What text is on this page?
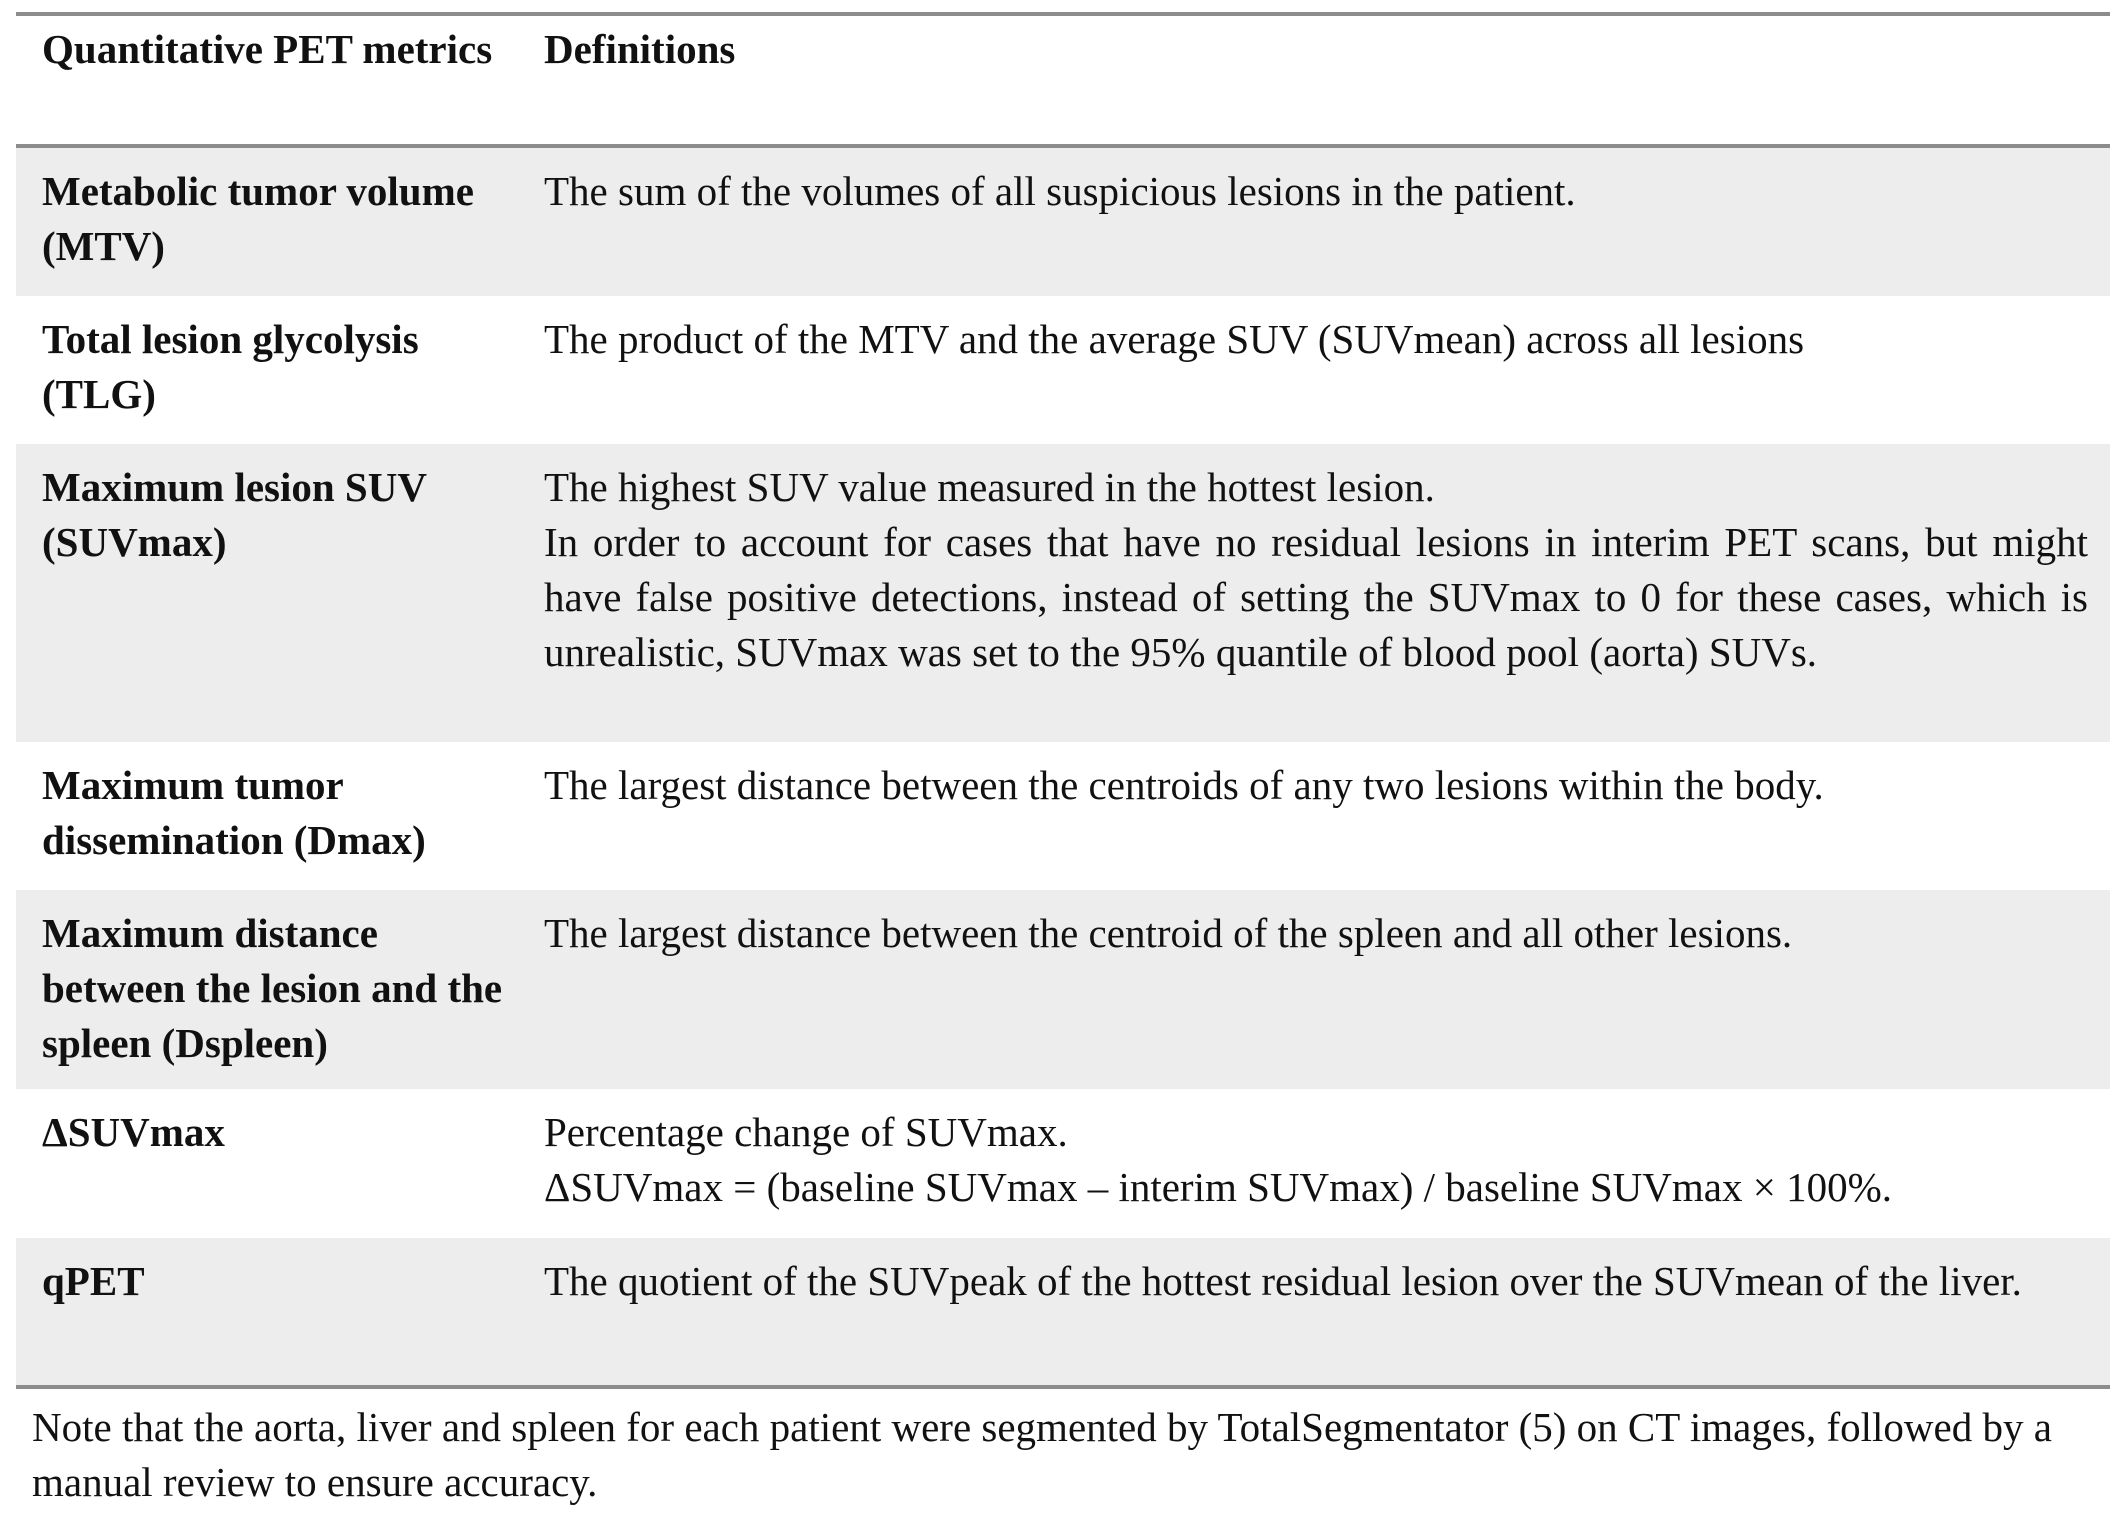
Quantitative PET metrics	Definitions
Metabolic tumor volume (MTV)	The sum of the volumes of all suspicious lesions in the patient.

Total lesion glycolysis (TLG)	The product of the MTV and the average SUV (SUVmean) across all lesions

Maximum lesion SUV (SUVmax)	The highest SUV value measured in the hottest lesion.
In order to account for cases that have no residual lesions in interim PET scans, but might have false positive detections, instead of setting the SUVmax to 0 for these cases, which is unrealistic, SUVmax was set to the 95% quantile of blood pool (aorta) SUVs.

Maximum tumor dissemination (Dmax)	The largest distance between the centroids of any two lesions within the body.

Maximum distance between the lesion and the spleen (Dspleen)	The largest distance between the centroid of the spleen and all other lesions.

ΔSUVmax	Percentage change of SUVmax.
ΔSUVmax = (baseline SUVmax – interim SUVmax) / baseline SUVmax × 100%.

qPET	The quotient of the SUVpeak of the hottest residual lesion over the SUVmean of the liver.
Note that the aorta, liver and spleen for each patient were segmented by TotalSegmentator (5) on CT images, followed by a manual review to ensure accuracy.
